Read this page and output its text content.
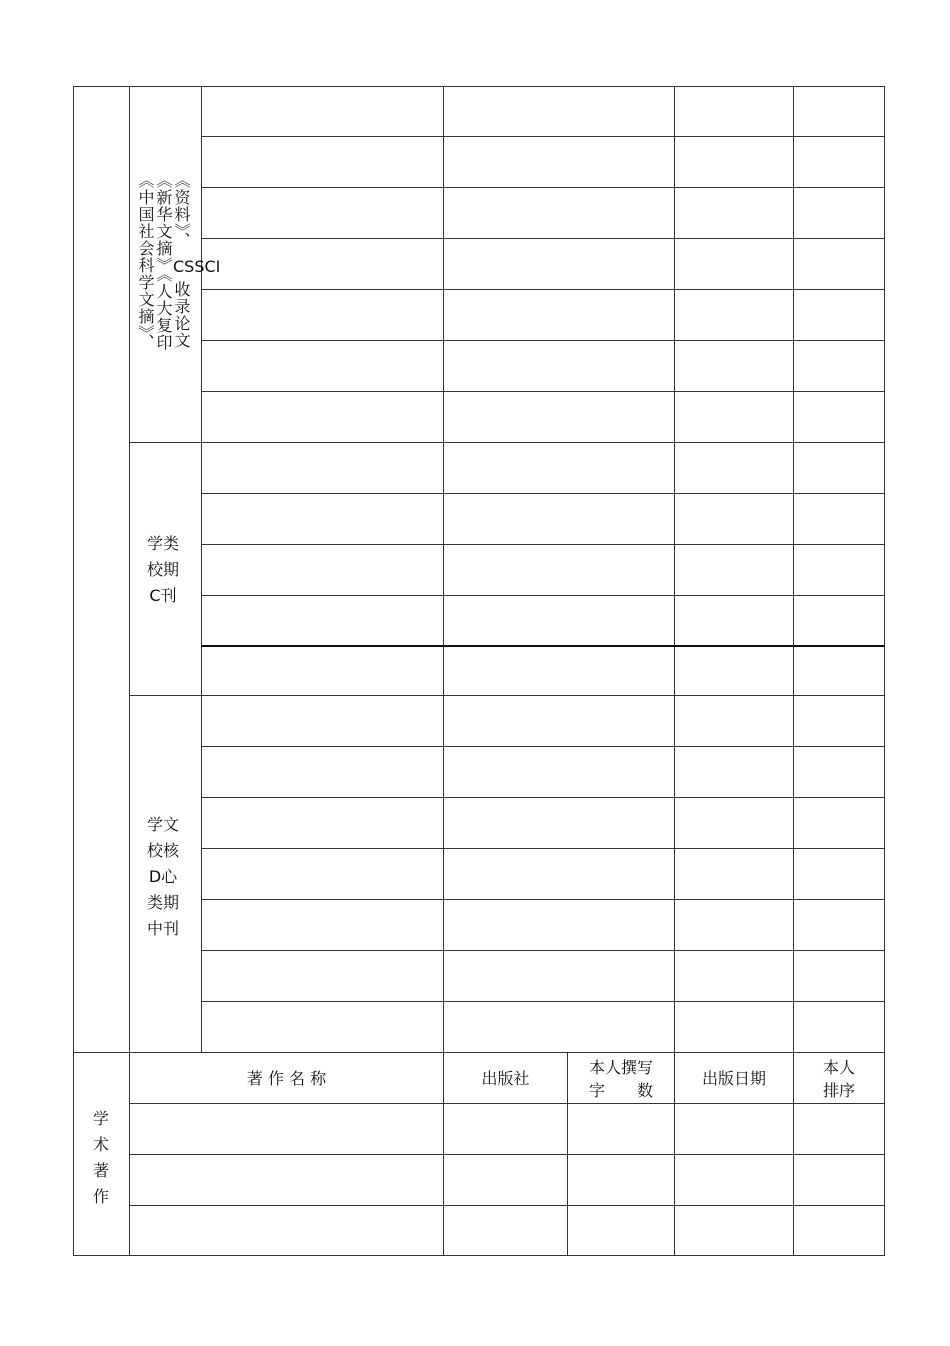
《资料》、
《新华文摘》《人大复印
《中国社会科学文摘》、 CSSCI
收录论文
学类
校期
C刊
学文
校核
D心
类期
中刊
学
术
著
作
著 作 名 称	出版社
本人撰写
字　　数
出版日期
本人
排序
